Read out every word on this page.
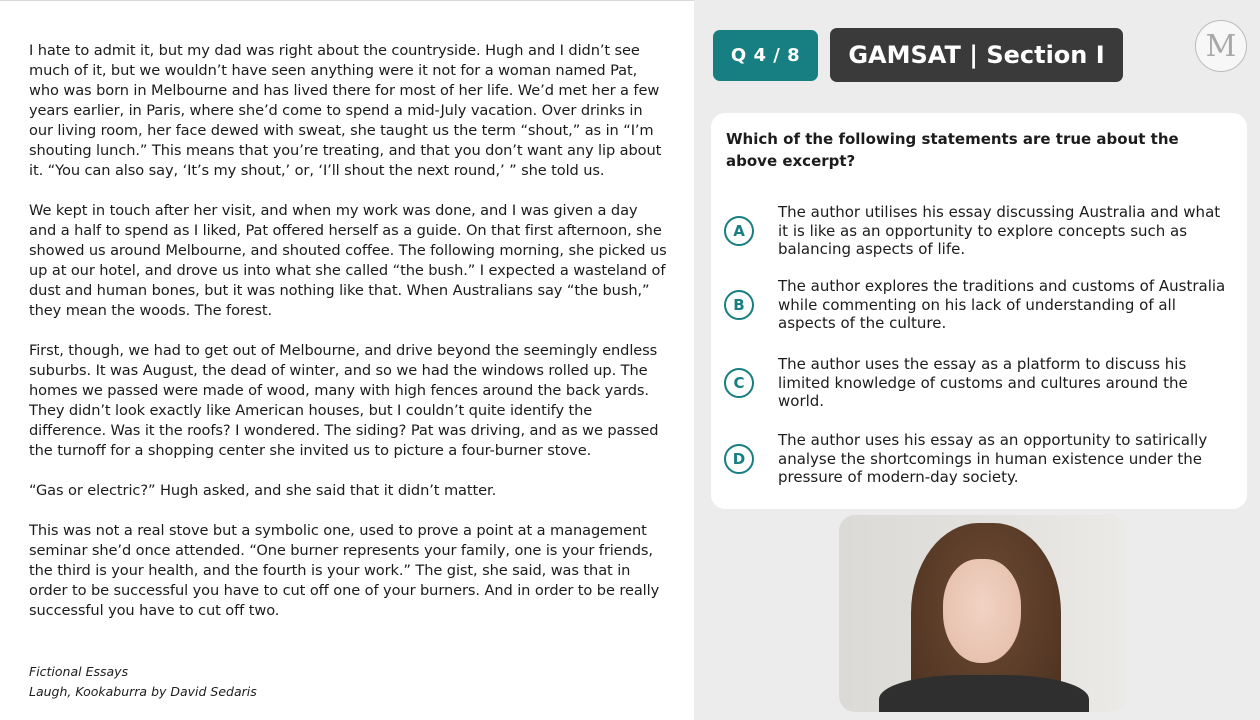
I hate to admit it, but my dad was right about the countryside. Hugh and I didn’t see much of it, but we wouldn’t have seen anything were it not for a woman named Pat, who was born in Melbourne and has lived there for most of her life. We’d met her a few years earlier, in Paris, where she’d come to spend a mid-July vacation. Over drinks in our living room, her face dewed with sweat, she taught us the term “shout,” as in “I’m shouting lunch.” This means that you’re treating, and that you don’t want any lip about it. “You can also say, ‘It’s my shout,’ or, ‘I’ll shout the next round,’ ” she told us.

We kept in touch after her visit, and when my work was done, and I was given a day and a half to spend as I liked, Pat offered herself as a guide. On that first afternoon, she showed us around Melbourne, and shouted coffee. The following morning, she picked us up at our hotel, and drove us into what she called “the bush.” I expected a wasteland of dust and human bones, but it was nothing like that. When Australians say “the bush,” they mean the woods. The forest.

First, though, we had to get out of Melbourne, and drive beyond the seemingly endless suburbs. It was August, the dead of winter, and so we had the windows rolled up. The homes we passed were made of wood, many with high fences around the back yards. They didn’t look exactly like American houses, but I couldn’t quite identify the difference. Was it the roofs? I wondered. The siding? Pat was driving, and as we passed the turnoff for a shopping center she invited us to picture a four-burner stove.

“Gas or electric?” Hugh asked, and she said that it didn’t matter.

This was not a real stove but a symbolic one, used to prove a point at a management seminar she’d once attended. “One burner represents your family, one is your friends, the third is your health, and the fourth is your work.” The gist, she said, was that in order to be successful you have to cut off one of your burners. And in order to be really successful you have to cut off two.

Fictional Essays
Laugh, Kookaburra by David Sedaris
Q 4 / 8	GAMSAT | Section I	M
Which of the following statements are true about the above excerpt?
A
The author utilises his essay discussing Australia and what it is like as an opportunity to explore concepts such as balancing aspects of life.
B
The author explores the traditions and customs of Australia while commenting on his lack of understanding of all aspects of the culture.
C
The author uses the essay as a platform to discuss his limited knowledge of customs and cultures around the world.
D
The author uses his essay as an opportunity to satirically analyse the shortcomings in human existence under the pressure of modern-day society.
